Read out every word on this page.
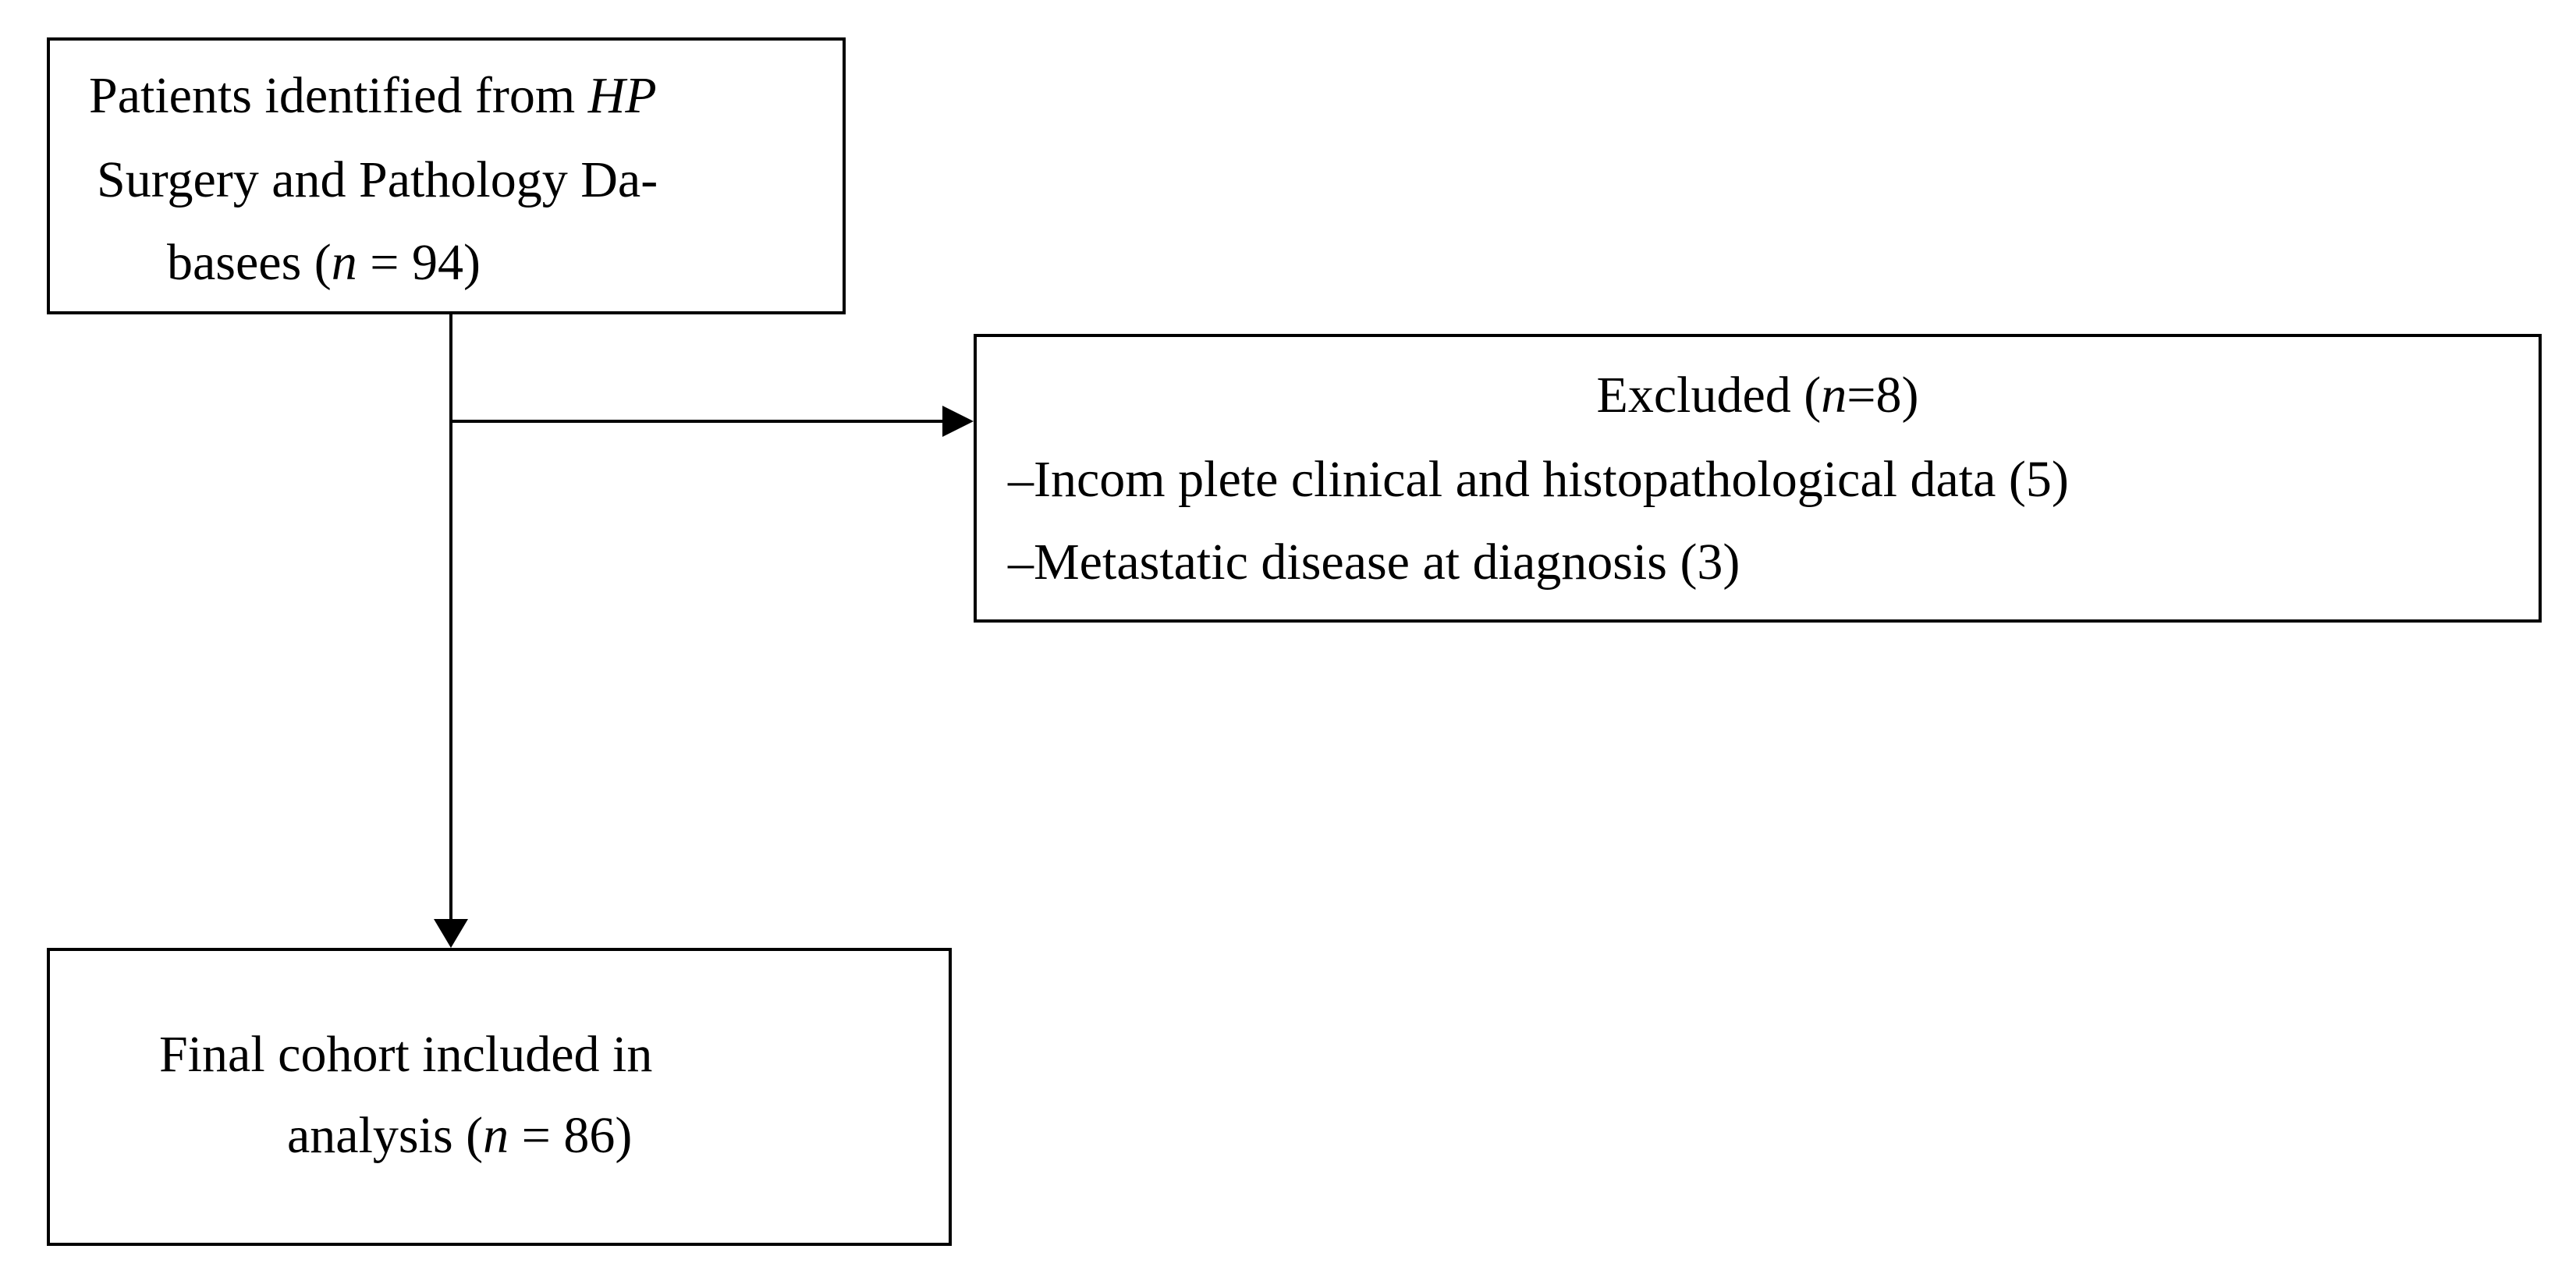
Patients identified from HP
Surgery and Pathology Da-
basees (n = 94)
Excluded (n=8)
–Incom plete clinical and histopathological data (5)
–Metastatic disease at diagnosis (3)
Final cohort included in
analysis (n = 86)
